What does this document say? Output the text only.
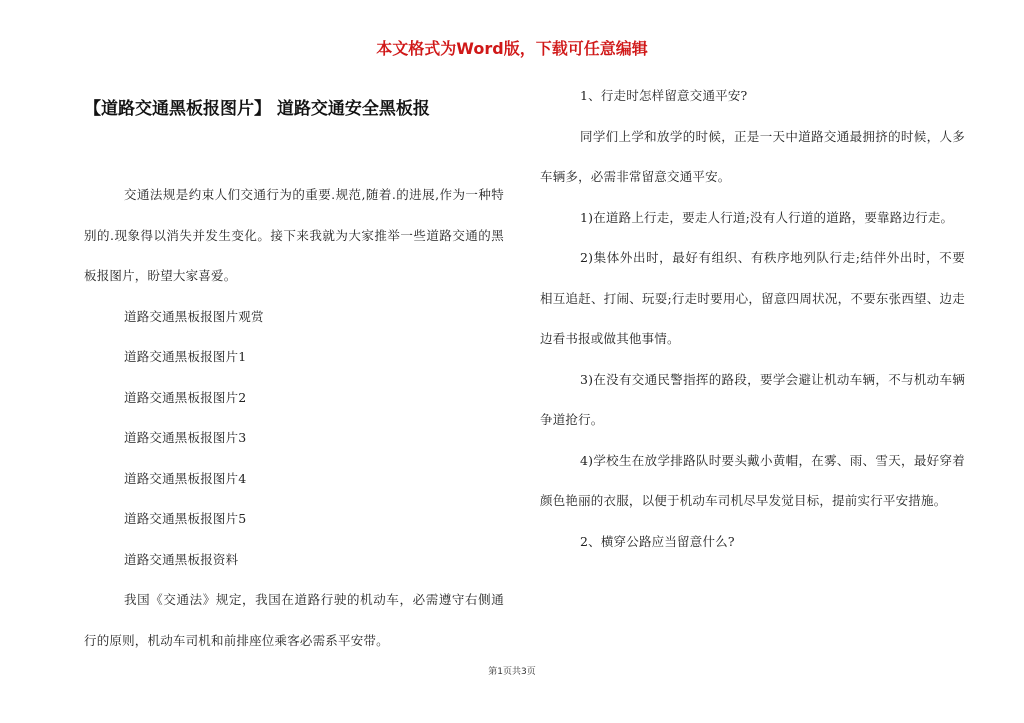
本文格式为Word版，下载可任意编辑
【道路交通黑板报图片】 道路交通安全黑板报

交通法规是约束人们交通行为的重要.规范,随着.的进展,作为一种特别的.现象得以消失并发生变化。接下来我就为大家推举一些道路交通的黑板报图片，盼望大家喜爱。

道路交通黑板报图片观赏

道路交通黑板报图片1

道路交通黑板报图片2

道路交通黑板报图片3

道路交通黑板报图片4

道路交通黑板报图片5

道路交通黑板报资料

我国《交通法》规定，我国在道路行驶的机动车，必需遵守右侧通行的原则，机动车司机和前排座位乘客必需系平安带。

1、行走时怎样留意交通平安?

同学们上学和放学的时候，正是一天中道路交通最拥挤的时候，人多车辆多，必需非常留意交通平安。

1)在道路上行走，要走人行道;没有人行道的道路，要靠路边行走。

2)集体外出时，最好有组织、有秩序地列队行走;结伴外出时，不要相互追赶、打闹、玩耍;行走时要用心，留意四周状况，不要东张西望、边走边看书报或做其他事情。

3)在没有交通民警指挥的路段，要学会避让机动车辆，不与机动车辆争道抢行。

4)学校生在放学排路队时要头戴小黄帽，在雾、雨、雪天，最好穿着颜色艳丽的衣服，以便于机动车司机尽早发觉目标，提前实行平安措施。

2、横穿公路应当留意什么?

第1页共3页
